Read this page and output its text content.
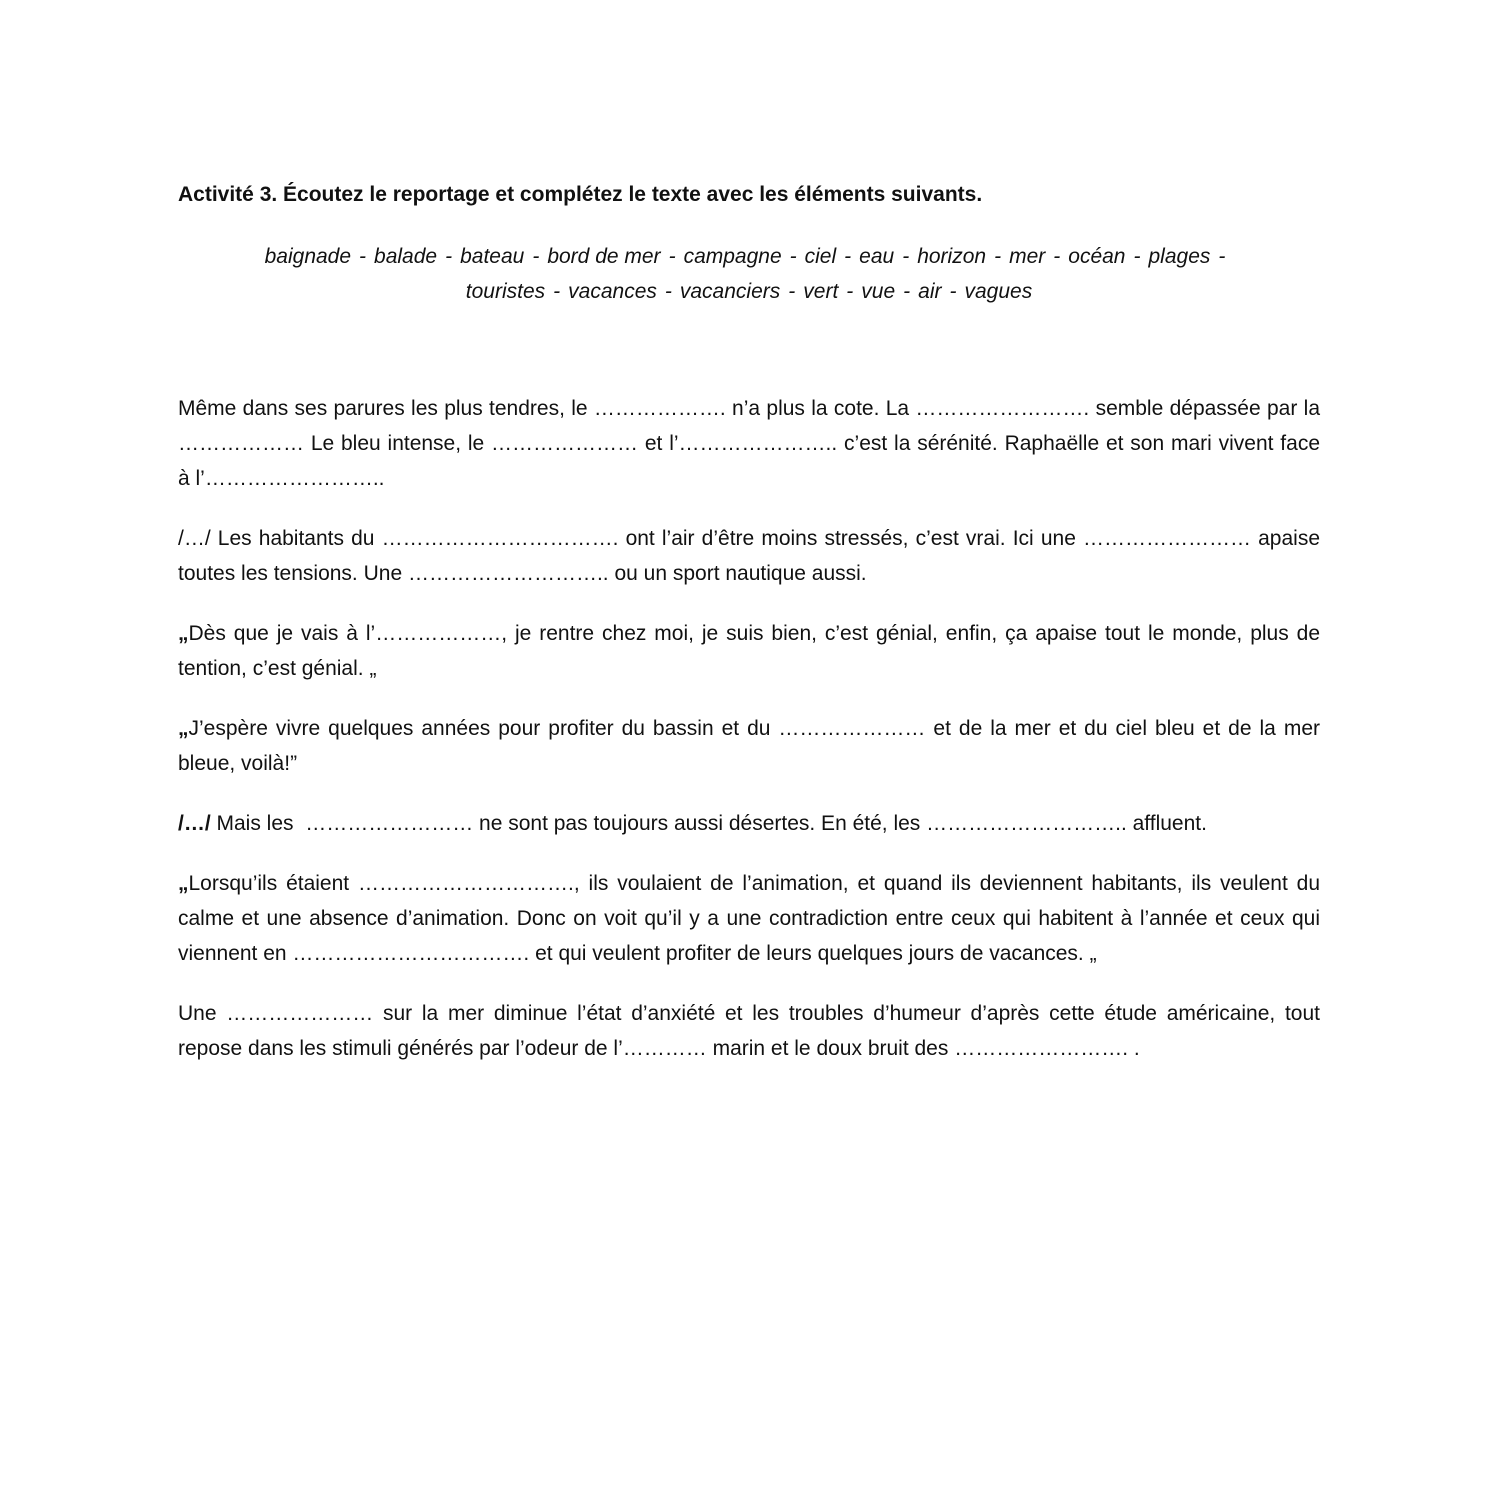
Activité 3. Écoutez le reportage et complétez le texte avec les éléments suivants.

baignade - balade - bateau - bord de mer - campagne - ciel - eau - horizon - mer - océan - plages -
touristes - vacances - vacanciers - vert - vue - air - vagues

Même dans ses parures les plus tendres, le ………………. n’a plus la cote. La ……………………. semble dépassée par la ……………… Le bleu intense, le ………………… et l’………………….. c’est la sérénité. Raphaëlle et son mari vivent face à l’……………………..

/…/ Les habitants du ……………………………. ont l’air d’être moins stressés, c’est vrai. Ici une …………………… apaise toutes les tensions. Une ……………………….. ou un sport nautique aussi.

„Dès que je vais à l’………………, je rentre chez moi, je suis bien, c’est génial, enfin, ça apaise tout le monde, plus de tention, c’est génial. „

„J’espère vivre quelques années pour profiter du bassin et du ………………… et de la mer et du ciel bleu et de la mer bleue, voilà!”

/…/ Mais les  …………………… ne sont pas toujours aussi désertes. En été, les ……………………….. affluent.

„Lorsqu’ils étaient …………………………., ils voulaient de l’animation, et quand ils deviennent habitants, ils veulent du calme et une absence d’animation. Donc on voit qu’il y a une contradiction entre ceux qui habitent à l’année et ceux qui viennent en ……………………………. et qui veulent profiter de leurs quelques jours de vacances. „

Une ………………… sur la mer diminue l’état d’anxiété et les troubles d’humeur d’après cette étude américaine, tout repose dans les stimuli générés par l’odeur de l’………… marin et le doux bruit des ……………………. .
